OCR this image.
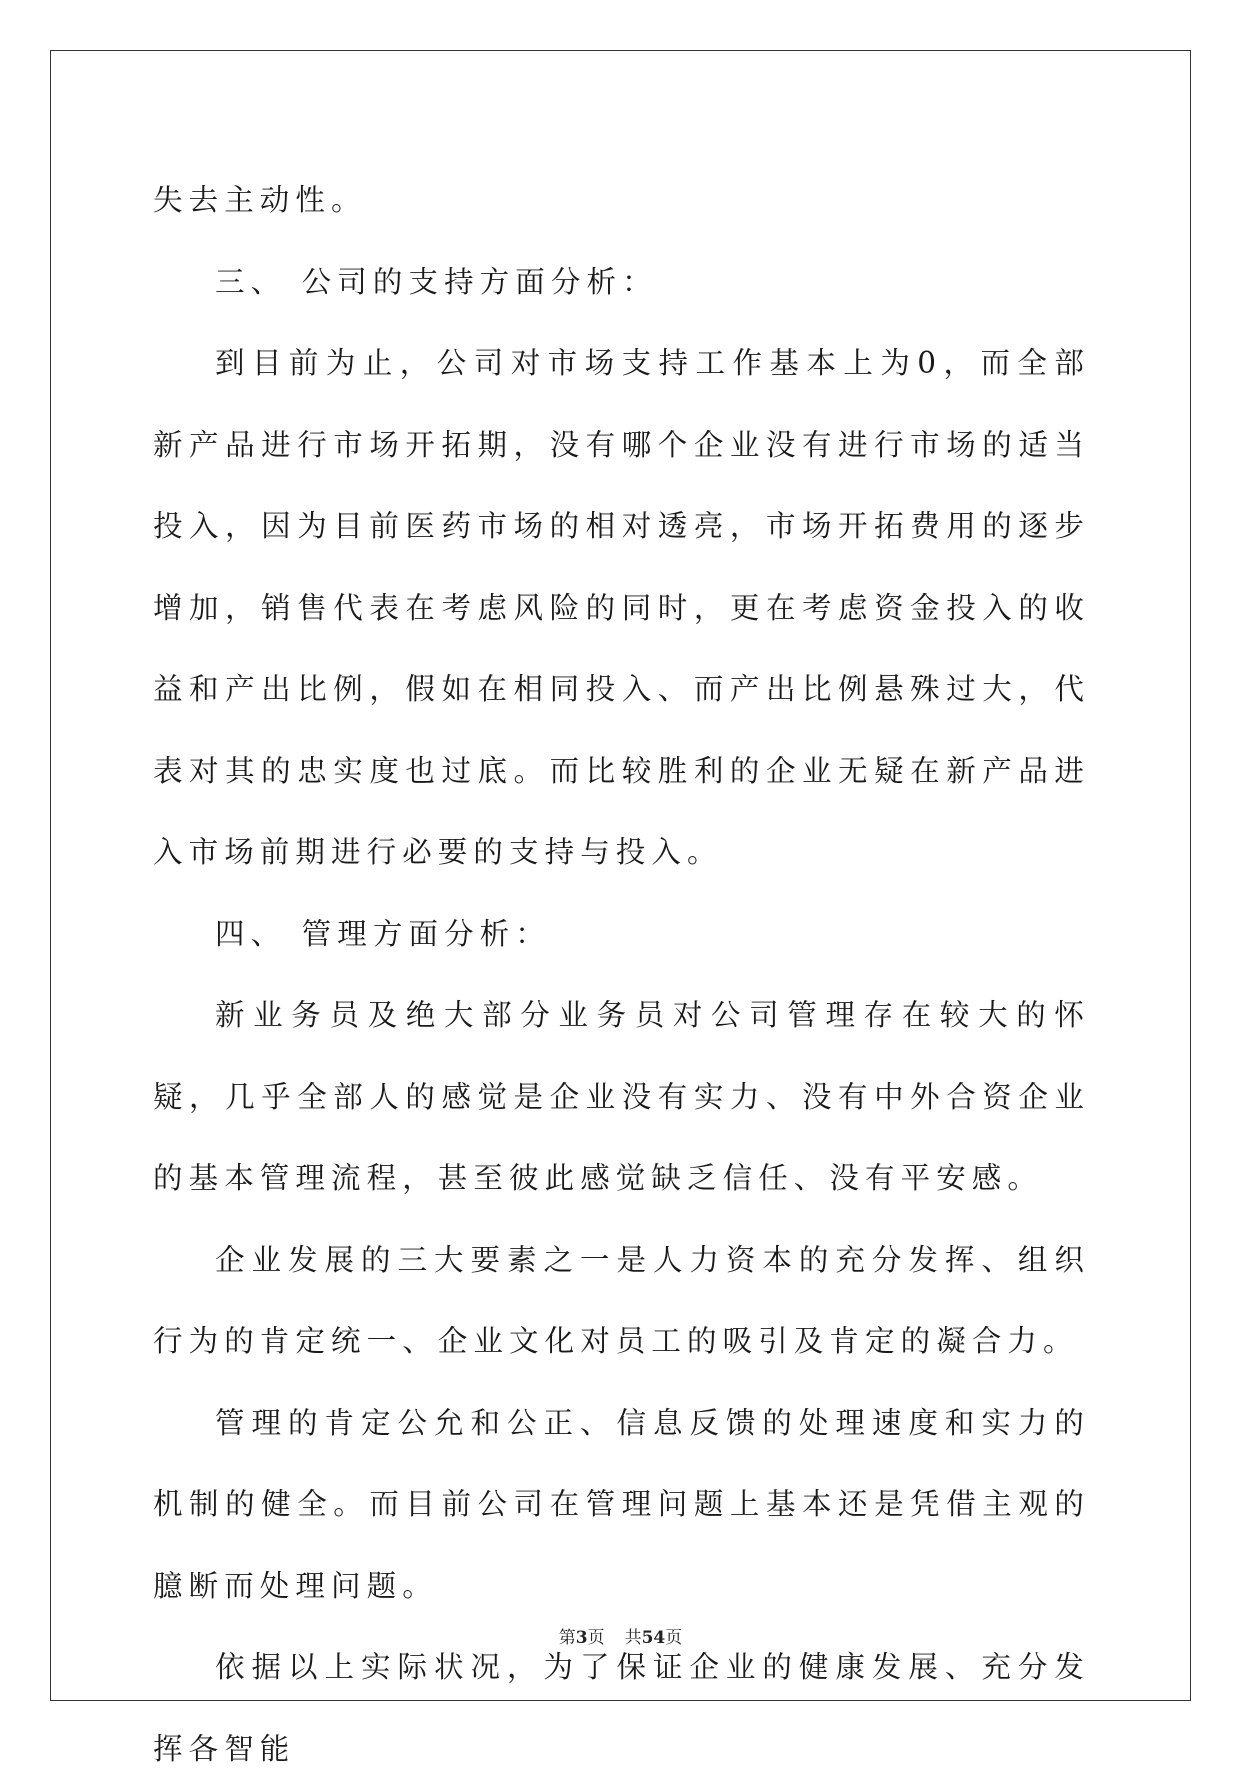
失去主动性。

三、 公司的支持方面分析：

到目前为止，公司对市场支持工作基本上为0，而全部新产品进行市场开拓期，没有哪个企业没有进行市场的适当投入，因为目前医药市场的相对透亮，市场开拓费用的逐步增加，销售代表在考虑风险的同时，更在考虑资金投入的收益和产出比例，假如在相同投入、而产出比例悬殊过大，代表对其的忠实度也过底。而比较胜利的企业无疑在新产品进入市场前期进行必要的支持与投入。

四、 管理方面分析：

新业务员及绝大部分业务员对公司管理存在较大的怀疑，几乎全部人的感觉是企业没有实力、没有中外合资企业的基本管理流程，甚至彼此感觉缺乏信任、没有平安感。

企业发展的三大要素之一是人力资本的充分发挥、组织行为的肯定统一、企业文化对员工的吸引及肯定的凝合力。

管理的肯定公允和公正、信息反馈的处理速度和实力的机制的健全。而目前公司在管理问题上基本还是凭借主观的臆断而处理问题。

依据以上实际状况，为了保证企业的健康发展、充分发挥各智能

第3页 共54页
